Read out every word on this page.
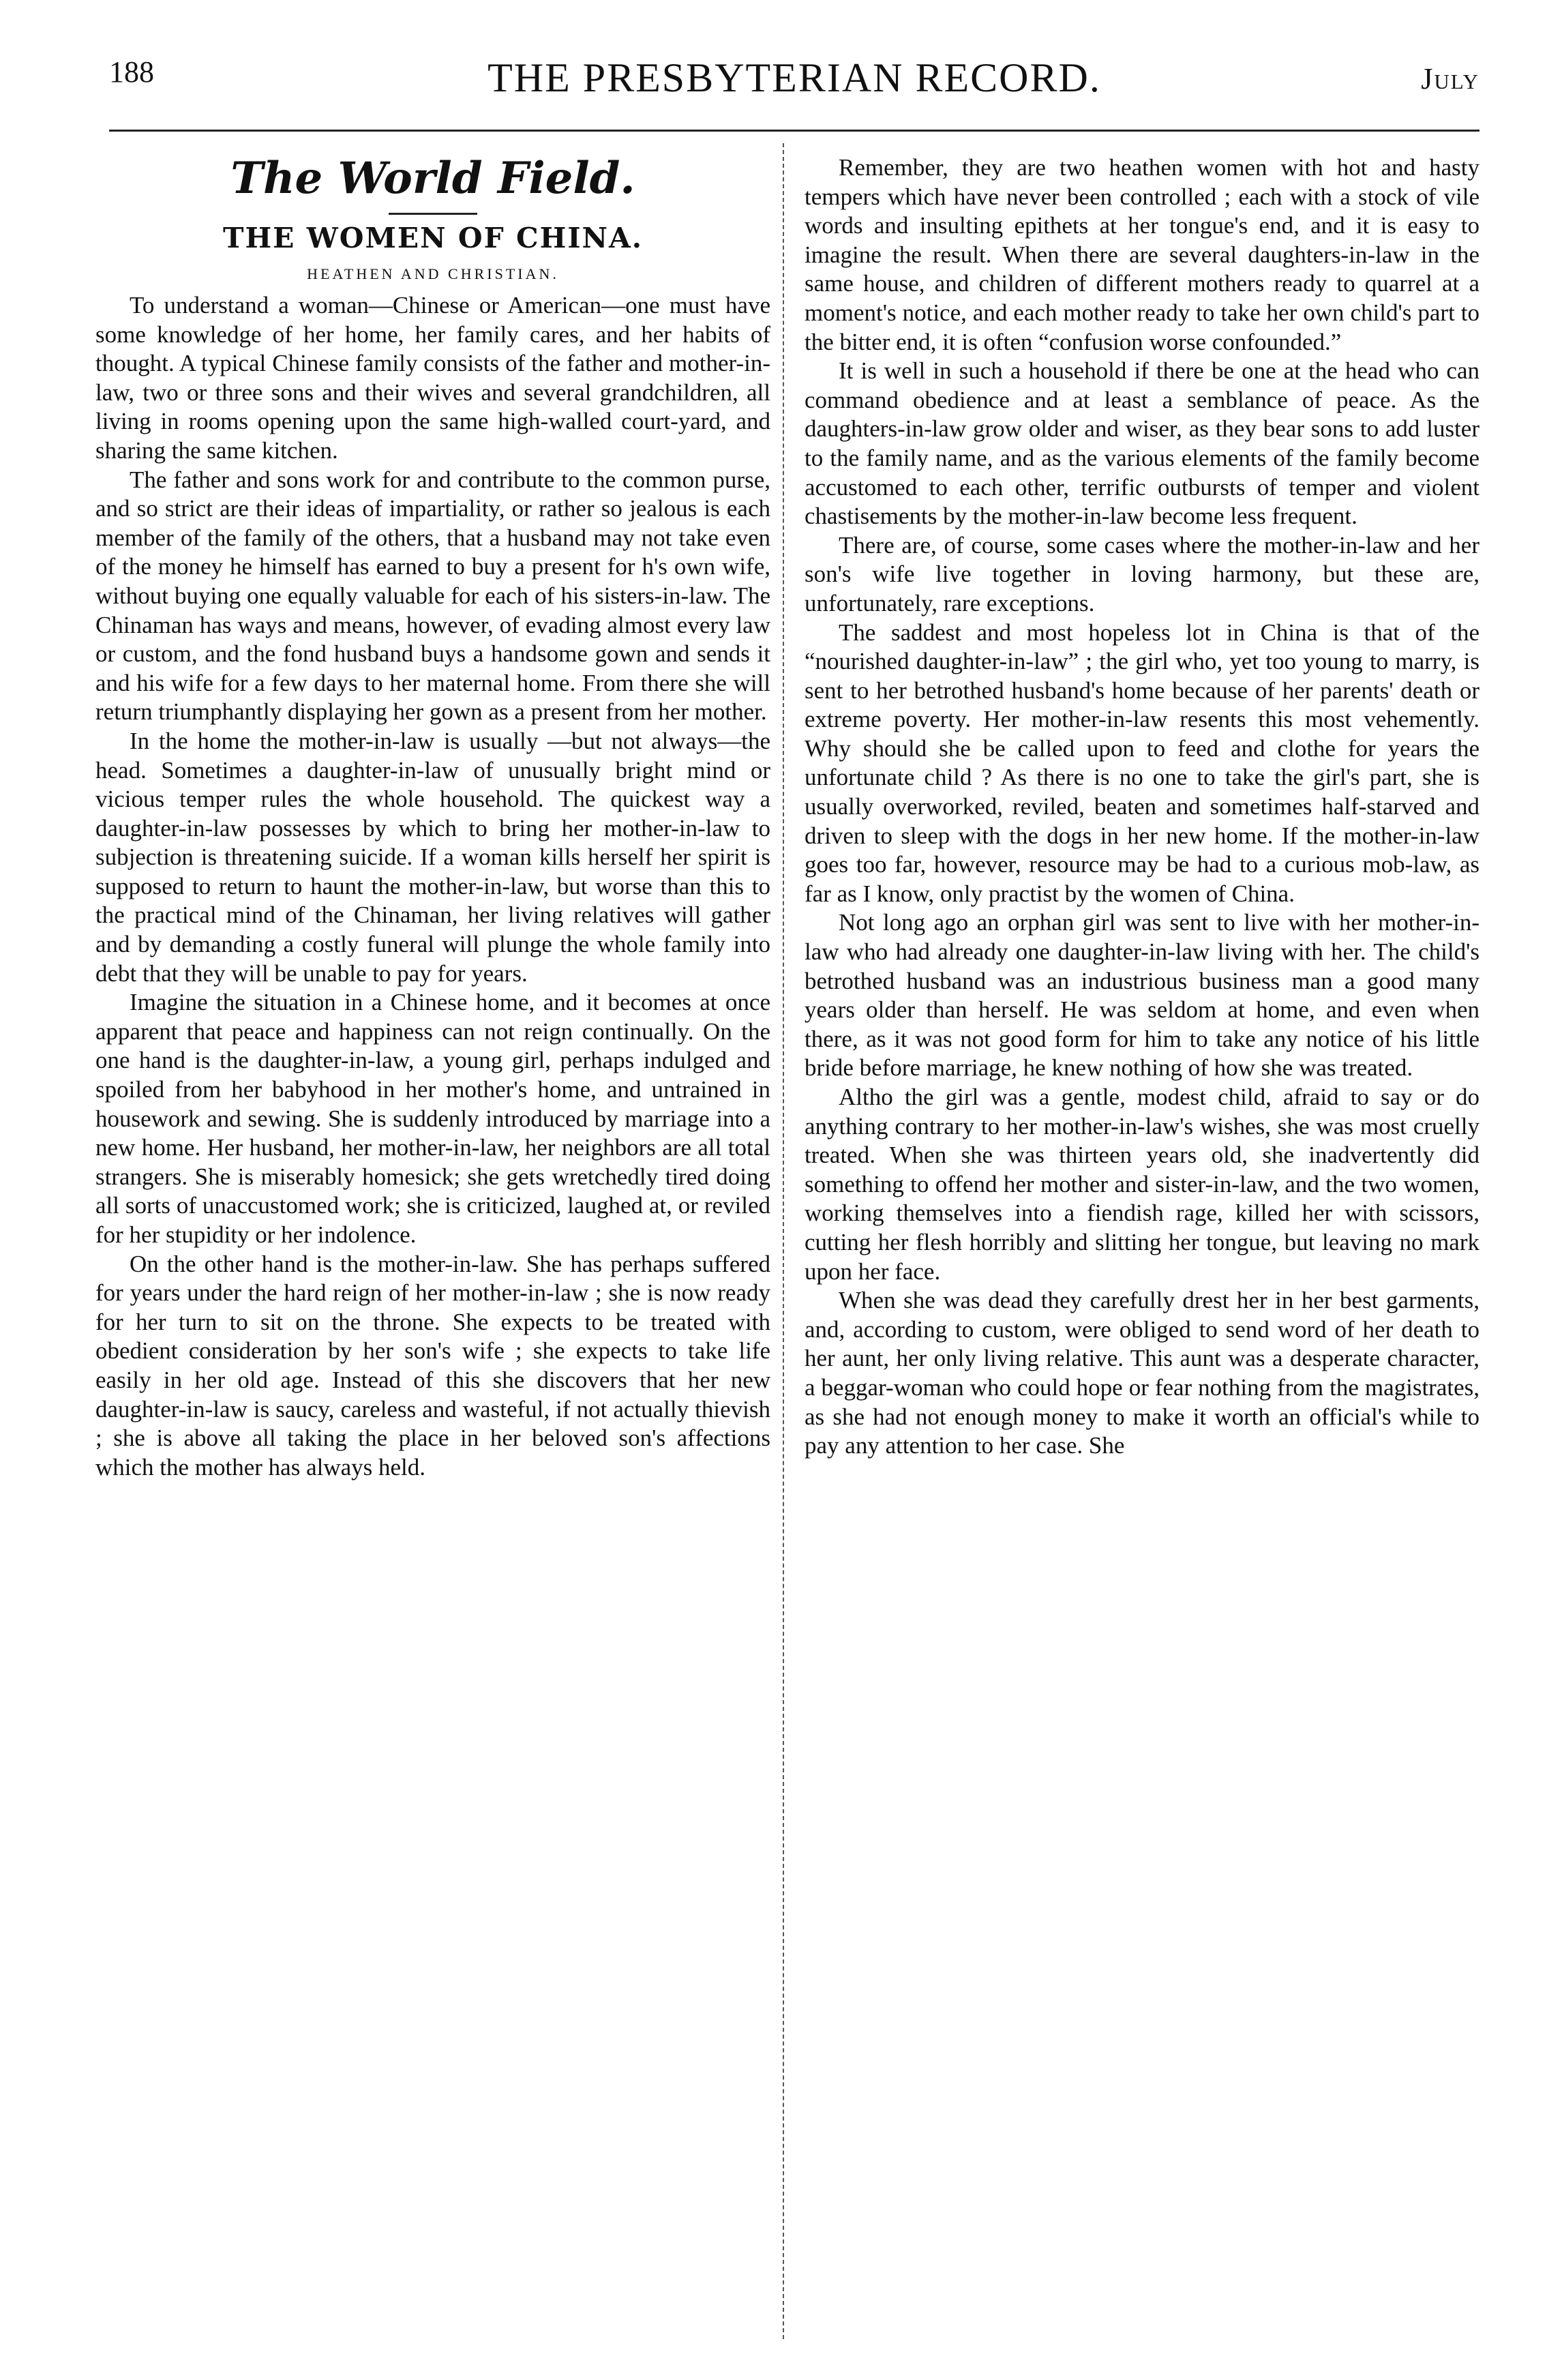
188	THE PRESBYTERIAN RECORD.	July
The World Field.
THE WOMEN OF CHINA.
HEATHEN AND CHRISTIAN.

To understand a woman—Chinese or American—one must have some knowledge of her home, her family cares, and her habits of thought. A typical Chinese family consists of the father and mother-in-law, two or three sons and their wives and several grandchildren, all living in rooms opening upon the same high-walled court-yard, and sharing the same kitchen.

The father and sons work for and contribute to the common purse, and so strict are their ideas of impartiality, or rather so jealous is each member of the family of the others, that a husband may not take even of the money he himself has earned to buy a present for h's own wife, without buying one equally valuable for each of his sisters-in-law. The Chinaman has ways and means, however, of evading almost every law or custom, and the fond husband buys a handsome gown and sends it and his wife for a few days to her maternal home. From there she will return triumphantly displaying her gown as a present from her mother.

In the home the mother-in-law is usually —but not always—the head. Sometimes a daughter-in-law of unusually bright mind or vicious temper rules the whole household. The quickest way a daughter-in-law possesses by which to bring her mother-in-law to subjection is threatening suicide. If a woman kills herself her spirit is supposed to return to haunt the mother-in-law, but worse than this to the practical mind of the Chinaman, her living relatives will gather and by demanding a costly funeral will plunge the whole family into debt that they will be unable to pay for years.

Imagine the situation in a Chinese home, and it becomes at once apparent that peace and happiness can not reign continually. On the one hand is the daughter-in-law, a young girl, perhaps indulged and spoiled from her babyhood in her mother's home, and untrained in housework and sewing. She is suddenly introduced by marriage into a new home. Her husband, her mother-in-law, her neighbors are all total strangers. She is miserably homesick; she gets wretchedly tired doing all sorts of unaccustomed work; she is criticized, laughed at, or reviled for her stupidity or her indolence.

On the other hand is the mother-in-law. She has perhaps suffered for years under the hard reign of her mother-in-law ; she is now ready for her turn to sit on the throne. She expects to be treated with obedient consideration by her son's wife ; she expects to take life easily in her old age. Instead of this she discovers that her new daughter-in-law is saucy, careless and wasteful, if not actually thievish ; she is above all taking the place in her beloved son's affections which the mother has always held.

Remember, they are two heathen women with hot and hasty tempers which have never been controlled ; each with a stock of vile words and insulting epithets at her tongue's end, and it is easy to imagine the result. When there are several daughters-in-law in the same house, and children of different mothers ready to quarrel at a moment's notice, and each mother ready to take her own child's part to the bitter end, it is often “confusion worse confounded.”

It is well in such a household if there be one at the head who can command obedience and at least a semblance of peace. As the daughters-in-law grow older and wiser, as they bear sons to add luster to the family name, and as the various elements of the family become accustomed to each other, terrific outbursts of temper and violent chastisements by the mother-in-law become less frequent.

There are, of course, some cases where the mother-in-law and her son's wife live together in loving harmony, but these are, unfortunately, rare exceptions.

The saddest and most hopeless lot in China is that of the “nourished daughter-in-law” ; the girl who, yet too young to marry, is sent to her betrothed husband's home because of her parents' death or extreme poverty. Her mother-in-law resents this most vehemently. Why should she be called upon to feed and clothe for years the unfortunate child ? As there is no one to take the girl's part, she is usually overworked, reviled, beaten and sometimes half-starved and driven to sleep with the dogs in her new home. If the mother-in-law goes too far, however, resource may be had to a curious mob-law, as far as I know, only practist by the women of China.

Not long ago an orphan girl was sent to live with her mother-in-law who had already one daughter-in-law living with her. The child's betrothed husband was an industrious business man a good many years older than herself. He was seldom at home, and even when there, as it was not good form for him to take any notice of his little bride before marriage, he knew nothing of how she was treated.

Altho the girl was a gentle, modest child, afraid to say or do anything contrary to her mother-in-law's wishes, she was most cruelly treated. When she was thirteen years old, she inadvertently did something to offend her mother and sister-in-law, and the two women, working themselves into a fiendish rage, killed her with scissors, cutting her flesh horribly and slitting her tongue, but leaving no mark upon her face.

When she was dead they carefully drest her in her best garments, and, according to custom, were obliged to send word of her death to her aunt, her only living relative. This aunt was a desperate character, a beggar-woman who could hope or fear nothing from the magistrates, as she had not enough money to make it worth an official's while to pay any attention to her case. She
